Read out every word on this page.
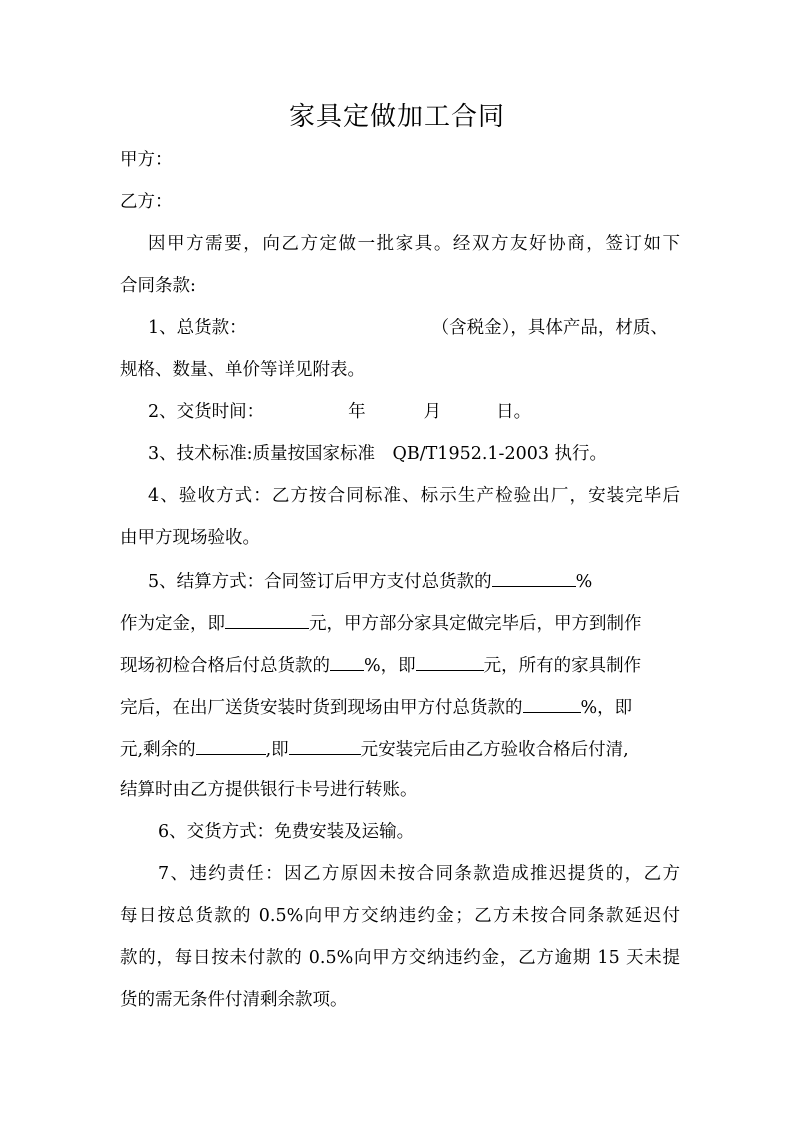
家具定做加工合同
甲方：
乙方：
因甲方需要，向乙方定做一批家具。经双方友好协商，签订如下
合同条款:
1、总货款：	（含税金），具体产品，材质、
规格、数量、单价等详见附表。
2、交货时间：	年	月	日。
3、技术标准:质量按国家标准　QB/T1952.1-2003 执行。
4、验收方式：乙方按合同标准、标示生产检验出厂，安装完毕后
由甲方现场验收。
5、结算方式：合同签订后甲方支付总货款的	%
作为定金，即	元，甲方部分家具定做完毕后，甲方到制作
现场初检合格后付总货款的 %，即	元，所有的家具制作
完后，在出厂送货安装时货到现场由甲方付总货款的	%，即
元,剩余的	,即	元安装完后由乙方验收合格后付清,
结算时由乙方提供银行卡号进行转账。
6、交货方式：免费安装及运输。
7、违约责任：因乙方原因未按合同条款造成推迟提货的，乙方
每日按总货款的 0.5%向甲方交纳违约金；乙方未按合同条款延迟付
款的，每日按未付款的 0.5%向甲方交纳违约金，乙方逾期 15 天未提
货的需无条件付清剩余款项。
